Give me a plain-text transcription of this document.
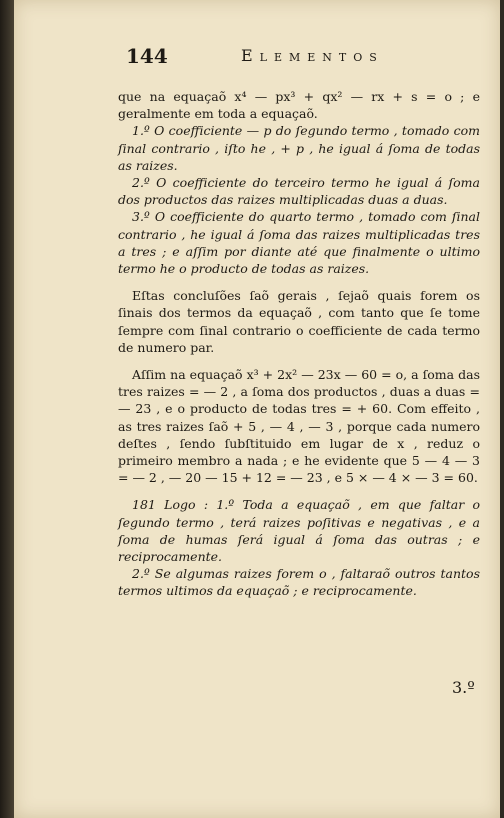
144	Elementos

que na equaçaõ x⁴ — px³ + qx² — rx + s = o ; e geralmente em toda a equaçaõ.

1.º O coefficiente — p do ſegundo termo , tomado com ſinal contrario , iſto he , + p , he igual á ſoma de todas as raizes.

2.º O coefficiente do terceiro termo he igual á ſoma dos productos das raizes multiplicadas duas a duas.

3.º O coefficiente do quarto termo , tomado com ſinal contrario , he igual á ſoma das raizes multiplicadas tres a tres ; e aſſim por diante até que finalmente o ultimo termo he o producto de todas as raizes.

Eſtas concluſões ſaõ gerais , ſejaõ quais forem os ſinais dos termos da equaçaõ , com tanto que ſe tome ſempre com ſinal contrario o coefficiente de cada termo de numero par.

Aſſim na equaçaõ x³ + 2x² — 23x — 60 = o, a ſoma das tres raizes = — 2 , a ſoma dos productos , duas a duas = — 23 , e o producto de todas tres = + 60. Com effeito , as tres raizes ſaõ + 5 , — 4 , — 3 , porque cada numero deſtes , ſendo ſubſtituido em lugar de x , reduz o primeiro membro a nada ; e he evidente que 5 — 4 — 3 = — 2 , — 20 — 15 + 12 = — 23 , e 5 × — 4 × — 3 = 60.

181 Logo : 1.º Toda a equaçaõ , em que faltar o ſegundo termo , terá raizes poſitivas e negativas , e a ſoma de humas ſerá igual á ſoma das outras ; e reciprocamente.

2.º Se algumas raizes forem o , faltaraõ outros tantos termos ultimos da equaçaõ ; e reciprocamente.

3.º
